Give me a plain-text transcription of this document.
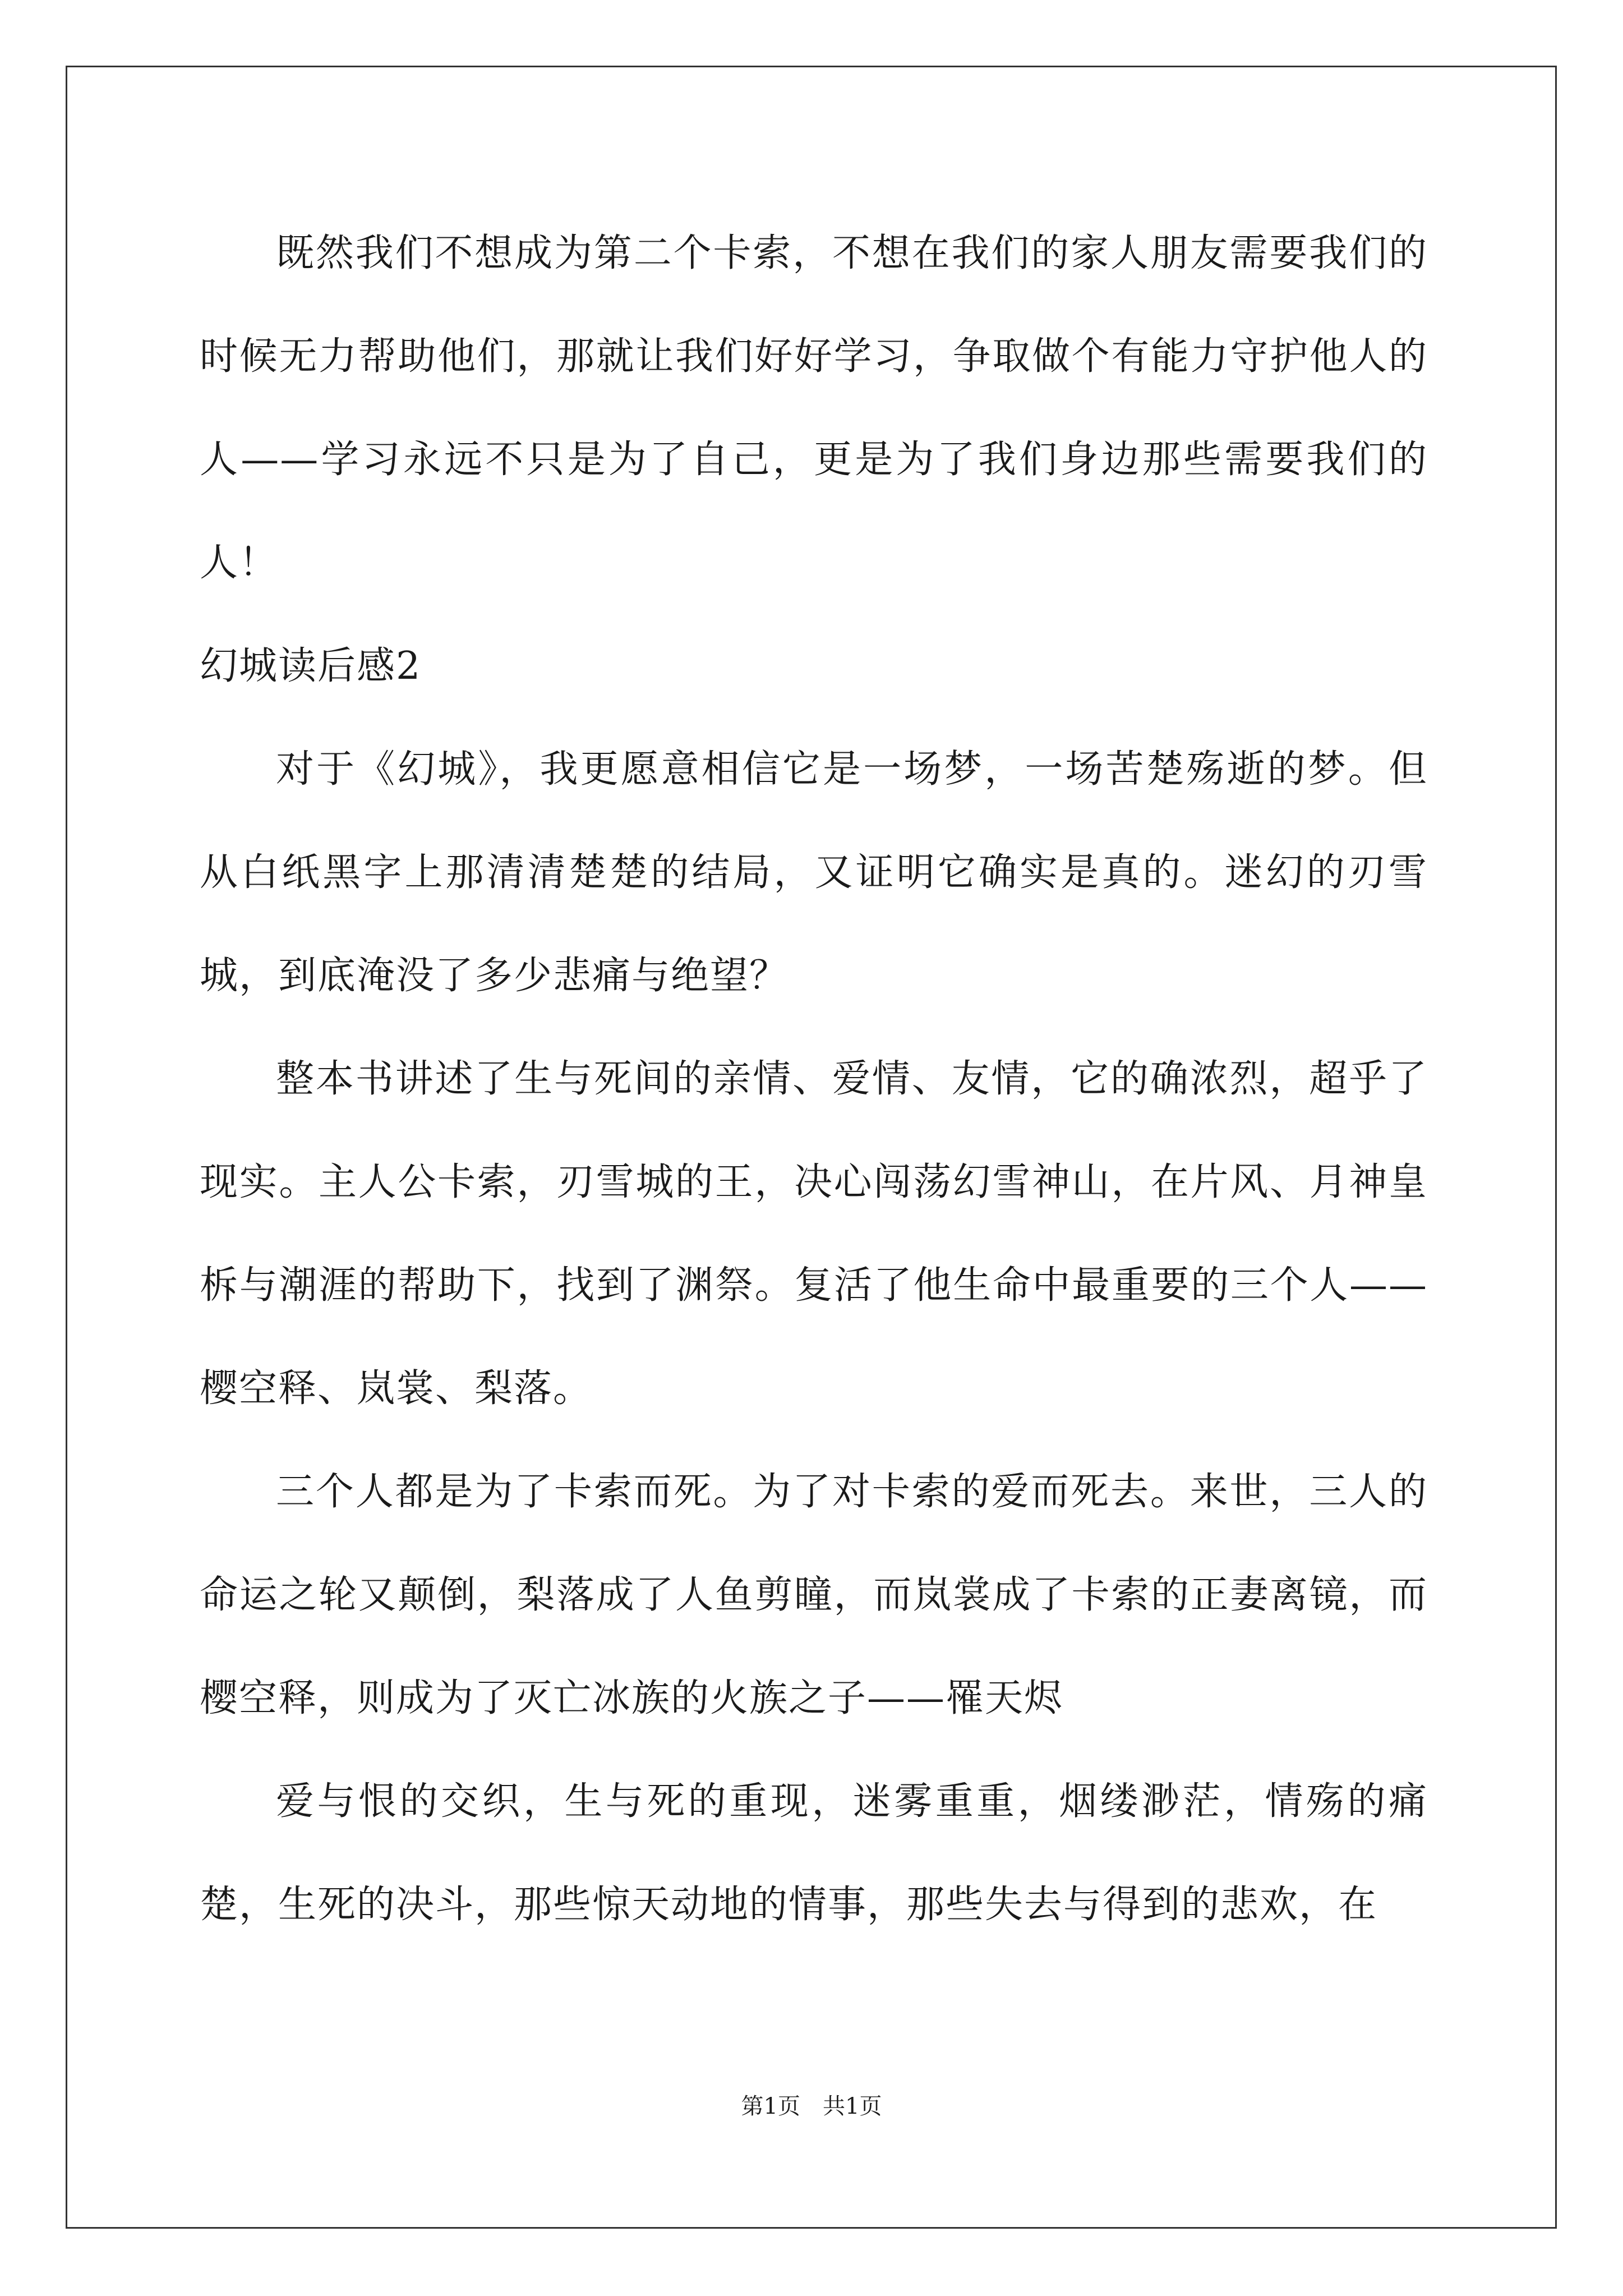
既然我们不想成为第二个卡索，不想在我们的家人朋友需要我们的时候无力帮助他们，那就让我们好好学习，争取做个有能力守护他人的人——学习永远不只是为了自己，更是为了我们身边那些需要我们的人！

幻城读后感2

对于《幻城》，我更愿意相信它是一场梦，一场苦楚殇逝的梦。但从白纸黑字上那清清楚楚的结局，又证明它确实是真的。迷幻的刃雪城，到底淹没了多少悲痛与绝望？

整本书讲述了生与死间的亲情、爱情、友情，它的确浓烈，超乎了现实。主人公卡索，刃雪城的王，决心闯荡幻雪神山，在片风、月神皇柝与潮涯的帮助下，找到了渊祭。复活了他生命中最重要的三个人——樱空释、岚裳、梨落。

三个人都是为了卡索而死。为了对卡索的爱而死去。来世，三人的命运之轮又颠倒，梨落成了人鱼剪瞳，而岚裳成了卡索的正妻离镜，而樱空释，则成为了灭亡冰族的火族之子——罹天烬

爱与恨的交织，生与死的重现，迷雾重重，烟缕渺茫，情殇的痛楚，生死的决斗，那些惊天动地的情事，那些失去与得到的悲欢，在

第1页 共1页
